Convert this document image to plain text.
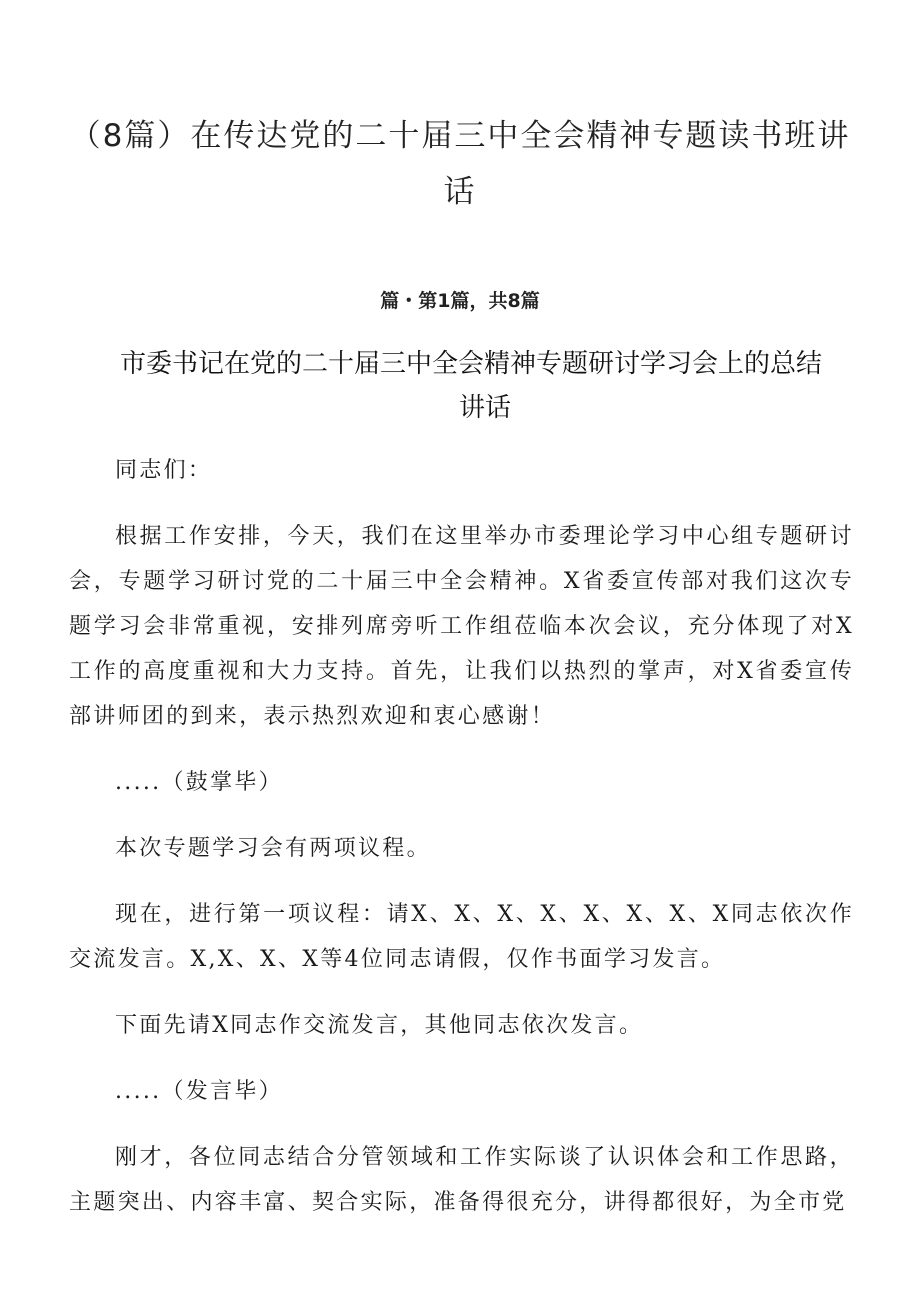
（8篇）在传达党的二十届三中全会精神专题读书班讲话
篇・第1篇，共8篇
市委书记在党的二十届三中全会精神专题研讨学习会上的总结
讲话

同志们：

根据工作安排，今天，我们在这里举办市委理论学习中心组专题研讨会，专题学习研讨党的二十届三中全会精神。X省委宣传部对我们这次专题学习会非常重视，安排列席旁听工作组莅临本次会议，充分体现了对X工作的高度重视和大力支持。首先，让我们以热烈的掌声，对X省委宣传部讲师团的到来，表示热烈欢迎和衷心感谢！

.....（鼓掌毕）

本次专题学习会有两项议程。

现在，进行第一项议程：请X、X、X、X、X、X、X、X同志依次作交流发言。X,X、X、X等4位同志请假，仅作书面学习发言。

下面先请X同志作交流发言，其他同志依次发言。

.....（发言毕）

刚才，各位同志结合分管领域和工作实际谈了认识体会和工作思路，主题突出、内容丰富、契合实际，准备得很充分，讲得都很好，为全市党
